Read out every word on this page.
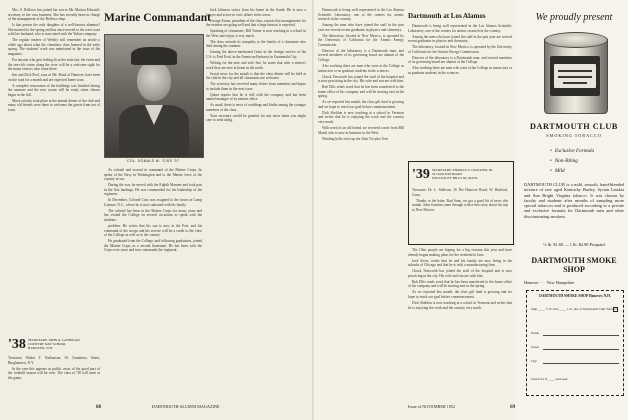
Mrs. A. Bellows has joined her son as Mr. Marion Edwards' secretary in her own business. She has recently been in charge of the management of the Bellows shop.

Is that person the only daughter of a well-known alumnus? She married in the spring and has since moved to the west coast with her husband, who is associated with the Yukon company.

The regular readers of Weekly will remember an article a while ago about what the chemistry class learned in the early spring. The students' work was mentioned in the issue of the magazine.

For anyone who gets feeling fit at the state fair, the event and the sea-rich cruise along the river will be a welcome sight for the many visitors who come there.

Jim and Dick Pool, sons of Mr. Bond of Hanover, have been on the road for a month and are expected home soon.

A complete renovation of the buildings was finished during the summer and the new rooms will be ready when classes begin in the fall.

Much activity took place at the annual dinner of the club and many old friends were there to welcome the guests from out of town.

Marine Commandant
COL. DONALD M. 'CISS '37

As colonel and second in command of the Marine Corps, he spoke of the Navy in Washington and to the Marine force of the country at sea.

During the war, he served with the Eighth Marines and took part in the first landings. He was commended for his leadership of the regiment.

In December, Colonel Cuss was assigned to the forces at Camp Lejeune, N.C., where he is now stationed with his family.

The colonel has been in the Marine Corps for many years and has visited the College on several occasions to speak with the students.

problem. He writes that his son is now at the Fort, and his command of the troops and his service will be a credit to the class of the College as well as to the country.

He graduated from the College, and following graduation, joined the Marine Corps as a second lieutenant. He has been with the Corps ever since and now commands the regiment.

Jack Johnson writes from his home in the South. He is now a lawyer and active in civic affairs in his town.

George Evans, president of the class, reports that arrangements for the reunion are going well and that a large turnout is expected.

Speaking of classmates, Bill Turner is now teaching in a school in the West and enjoys it very much.

The class extends its sympathy to the family of a classmate who died during the summer.

Joining the above-mentioned firms in the foreign service of the U.S. is Fred Eval, in the American Embassy in Guatemala City.

Writing for the note and wife Sue, he states that after a winter's work they are now at home in the north.

Social news for the month is that the class dinner will be held at the club in the city and all classmates are welcome.

The secretary has received many letters from members and hopes to include them in the next issue.

Quinn reports that he is still with the company and has been named manager of its eastern office.

As usual, there is news of weddings and births among the younger members of the class.

Your secretary would be grateful for any news items you might care to send along.

'38 SECRETARY, JOHN A. LANNIGAN
COUNTRY DAY SCHOOL
HANOVER, N.H.

Treasurer, Walter T. Nathanson, 63 Cramberry Street, Binghamton, N.Y.

In the year this appears in public, most of the good part of the football season will be over. The class of '38 will meet at the game.

68	DARTMOUTH ALUMNI MAGAZINE
Dartmouth at Los Alamos

Dartmouth is being well represented in the Los Alamos Scientific Laboratory, one of the centers for atomic research in the country.

Among the men who have joined the staff in the past year are several recent graduates in physics and chemistry.

The laboratory, located in New Mexico, is operated by the University of California for the Atomic Energy Commission.

Director of the laboratory is a Dartmouth man, and several members of its governing board are alumni of the College.

Also working there are men who were at the College as instructors or as graduate students in the sciences.

Chuck Tinsworth has joined the staff of the hospital and is now practicing in the city. His wife and son are with him.

Bob Ellis sends word that he has been transferred to the home office of his company and will be moving east in the spring.

As we reported last month, the class gift fund is growing and we hope to reach our goal before commencement.

Dick Sheldon is now teaching at a school in Vermont and writes that he is enjoying the work and the country very much.

With word of an old friend, we received a note from Bill Marsh who is now in business in the West.

Winding hollo twist up the John Tre plea Tree.

Dartmouth is being well represented in the Los Alamos Scientific Laboratory, one of the centers for atomic research in the country.

Among the men who have joined the staff in the past year are several recent graduates in physics and chemistry.

The laboratory, located in New Mexico, is operated by the University of California for the Atomic Energy Commission.

Director of the laboratory is a Dartmouth man, and several members of its governing board are alumni of the College.

Also working there are men who were at the College as instructors or as graduate students in the sciences.

'39 SECRETARY, THOMAS S. CROCKER, JR.
30 JACKSON ROAD
WELLESLEY HILLS 82, MASS.

Treasurer, Dr. L. Sullivan, 16 The Hanover Road, W. Hartford, Conn.

Thanks to the letter, Bud Sims, we got a good bit of news this month. John Scanlon came through with a fine story about his trip to New Mexico.

The Ohio people are hoping for a big reunion this year and have already begun making plans for the weekend in June.

Jack Sterry writes that he and his family are now living in the suburbs of Chicago and that he is with a manufacturing firm.

Chuck Tinsworth has joined the staff of the hospital and is now practicing in the city. His wife and son are with him.

Bob Ellis sends word that he has been transferred to the home office of his company and will be moving east in the spring.

As we reported last month, the class gift fund is growing and we hope to reach our goal before commencement.

Dick Sheldon is now teaching at a school in Vermont and writes that he is enjoying the work and the country very much.

Issue of NOVEMBER 1952	69
We proudly present
DARTMOUTH CLUB
SMOKING TOBACCO
• Exclusive Formula
• Non-Biting
• Mild
DARTMOUTH CLUB is a mild, smooth, hand-blended mixture of rare aged Kentucky Burley, Syrian Latakia and Sun Bright Virginia tobacco. It was chosen by faculty and students after months of sampling more special tobaccos and is produced according to a private and exclusive formula for Dartmouth men and other discriminating smokers.
½ lb. $1.60 — 1 lb. $2.90 Postpaid
DARTMOUTH SMOKE SHOP
Hanover · · · New Hampshire
DARTMOUTH SMOKE SHOP Hanover, N.H.
Ship ____ ½ lb. tins ____ 1 lb. tins of Dartmouth Club Tobacco.
Name
Street
City
Check for $ ____ enclosed
